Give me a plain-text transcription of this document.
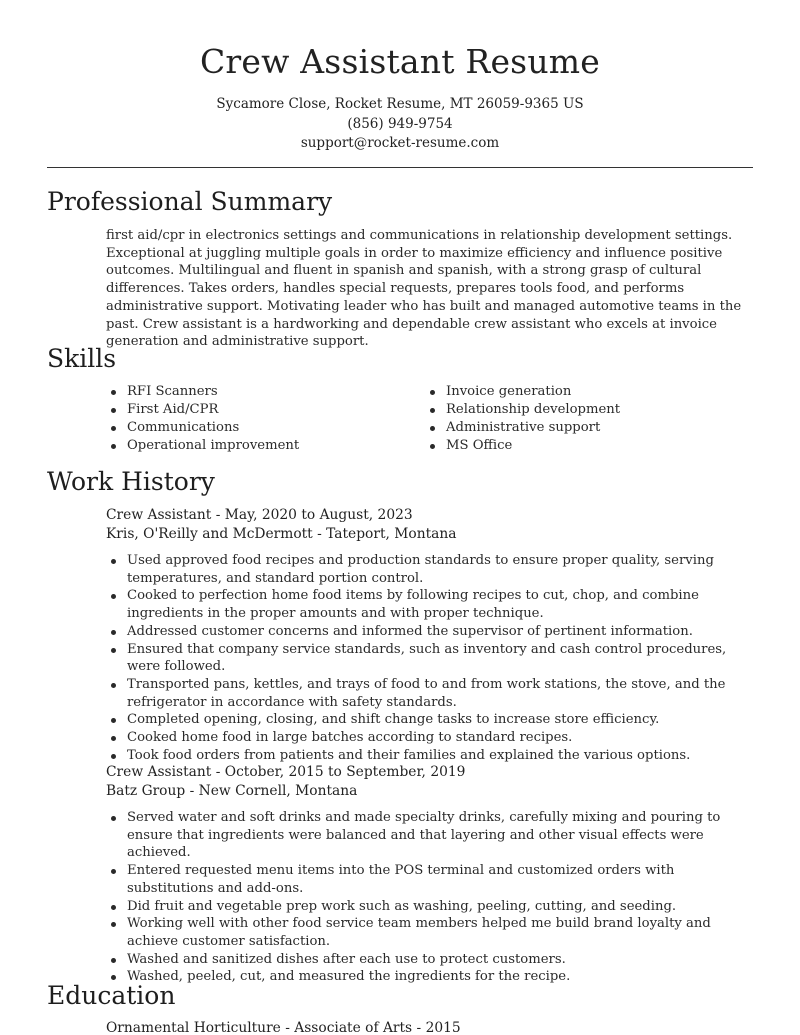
Crew Assistant Resume
Sycamore Close, Rocket Resume, MT 26059-9365 US
(856) 949-9754
support@rocket-resume.com
Professional Summary
first aid/cpr in electronics settings and communications in relationship development settings. Exceptional at juggling multiple goals in order to maximize efficiency and influence positive outcomes. Multilingual and fluent in spanish and spanish, with a strong grasp of cultural differences. Takes orders, handles special requests, prepares tools food, and performs administrative support. Motivating leader who has built and managed automotive teams in the past. Crew assistant is a hardworking and dependable crew assistant who excels at invoice generation and administrative support.
Skills
RFI Scanners
First Aid/CPR
Communications
Operational improvement
Invoice generation
Relationship development
Administrative support
MS Office
Work History
Crew Assistant - May, 2020 to August, 2023
Kris, O'Reilly and McDermott - Tateport, Montana
Used approved food recipes and production standards to ensure proper quality, serving temperatures, and standard portion control.
Cooked to perfection home food items by following recipes to cut, chop, and combine ingredients in the proper amounts and with proper technique.
Addressed customer concerns and informed the supervisor of pertinent information.
Ensured that company service standards, such as inventory and cash control procedures, were followed.
Transported pans, kettles, and trays of food to and from work stations, the stove, and the refrigerator in accordance with safety standards.
Completed opening, closing, and shift change tasks to increase store efficiency.
Cooked home food in large batches according to standard recipes.
Took food orders from patients and their families and explained the various options.
Crew Assistant - October, 2015 to September, 2019
Batz Group - New Cornell, Montana
Served water and soft drinks and made specialty drinks, carefully mixing and pouring to ensure that ingredients were balanced and that layering and other visual effects were achieved.
Entered requested menu items into the POS terminal and customized orders with substitutions and add-ons.
Did fruit and vegetable prep work such as washing, peeling, cutting, and seeding.
Working well with other food service team members helped me build brand loyalty and achieve customer satisfaction.
Washed and sanitized dishes after each use to protect customers.
Washed, peeled, cut, and measured the ingredients for the recipe.
Education
Ornamental Horticulture - Associate of Arts - 2015
